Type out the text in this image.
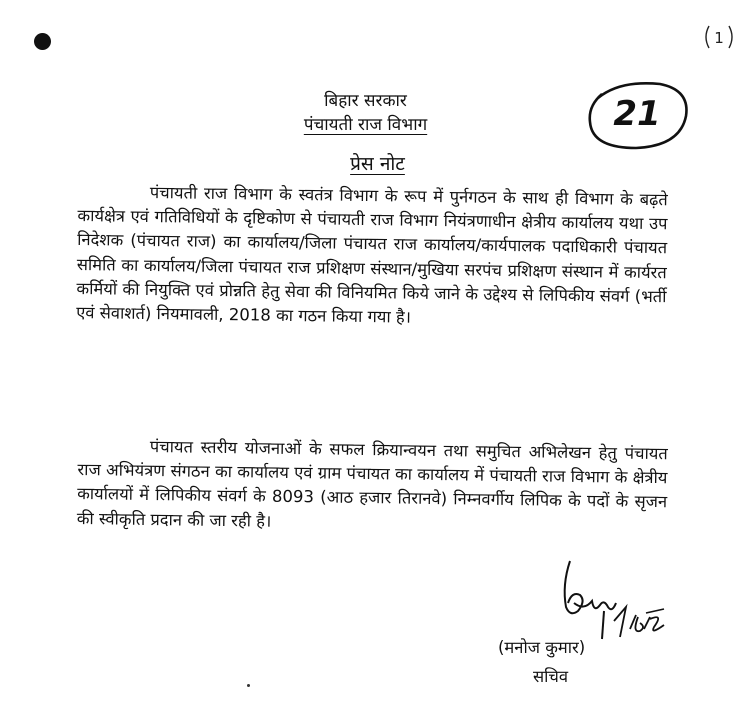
1
21
बिहार सरकार
पंचायती राज विभाग
प्रेस नोट
पंचायती राज विभाग के स्वतंत्र विभाग के रूप में पुर्नगठन के साथ ही विभाग के बढ़ते कार्यक्षेत्र एवं गतिविधियों के दृष्टिकोण से पंचायती राज विभाग नियंत्रणाधीन क्षेत्रीय कार्यालय यथा उप निदेशक (पंचायत राज) का कार्यालय/जिला पंचायत राज कार्यालय/कार्यपालक पदाधिकारी पंचायत समिति का कार्यालय/जिला पंचायत राज प्रशिक्षण संस्थान/मुखिया सरपंच प्रशिक्षण संस्थान में कार्यरत कर्मियों की नियुक्ति एवं प्रोन्नति हेतु सेवा की विनियमित किये जाने के उद्देश्य से लिपिकीय संवर्ग (भर्ती एवं सेवाशर्त) नियमावली, 2018 का गठन किया गया है।
पंचायत स्तरीय योजनाओं के सफल क्रियान्वयन तथा समुचित अभिलेखन हेतु पंचायत राज अभियंत्रण संगठन का कार्यालय एवं ग्राम पंचायत का कार्यालय में पंचायती राज विभाग के क्षेत्रीय कार्यालयों में लिपिकीय संवर्ग के 8093 (आठ हजार तिरानवे) निम्नवर्गीय लिपिक के पदों के सृजन की स्वीकृति प्रदान की जा रही है।
(मनोज कुमार)
सचिव
